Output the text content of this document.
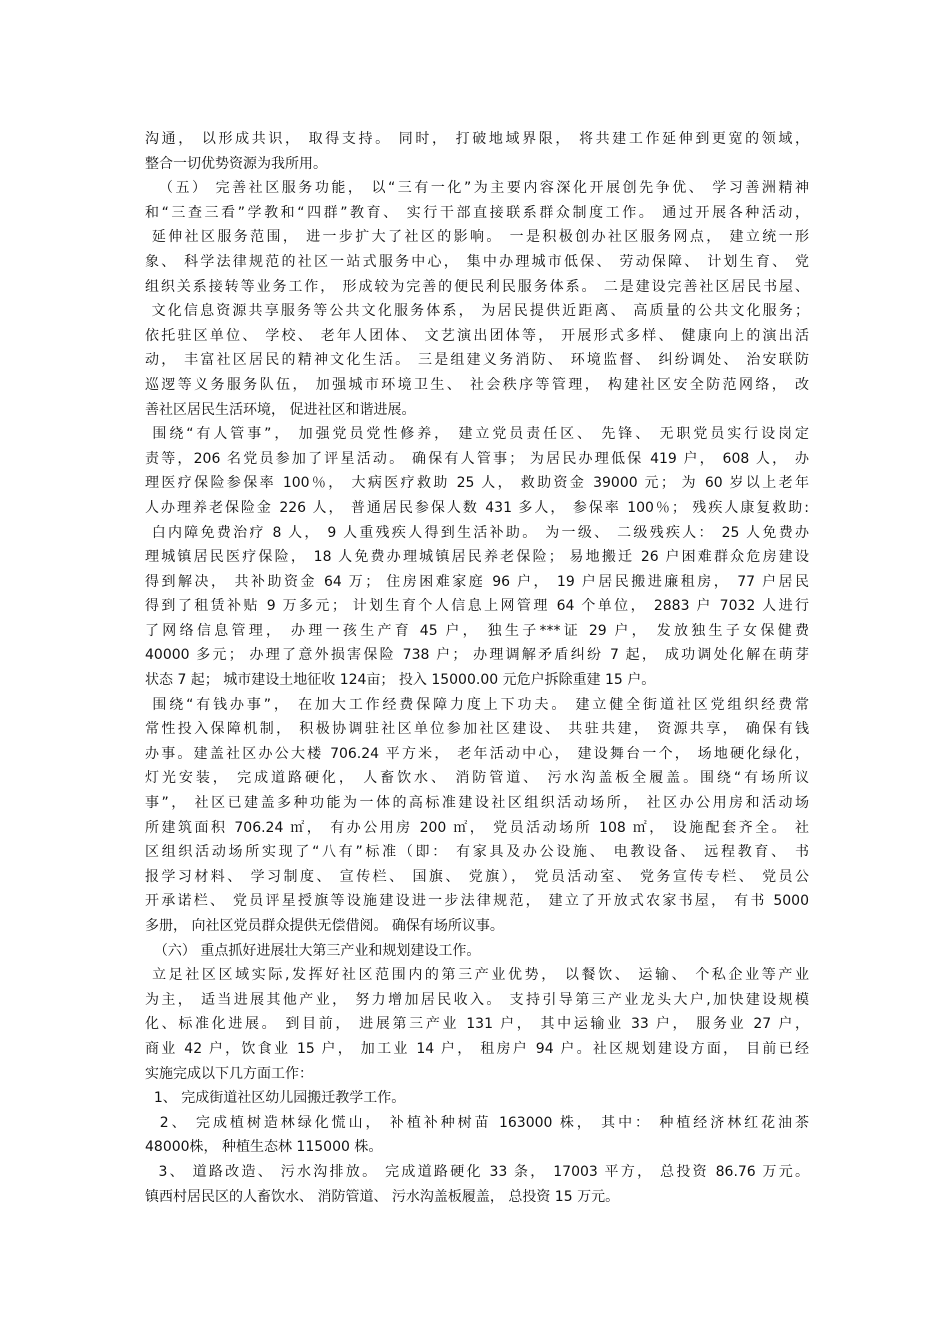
沟通， 以形成共识， 取得支持。 同时， 打破地域界限， 将共建工作延伸到更宽的领域，
整合一切优势资源为我所用。
（五） 完善社区服务功能， 以“三有一化”为主要内容深化开展创先争优、 学习善洲精神
和“三查三看”学教和“四群”教育、 实行干部直接联系群众制度工作。 通过开展各种活动，
延伸社区服务范围， 进一步扩大了社区的影响。 一是积极创办社区服务网点， 建立统一形
象、 科学法律规范的社区一站式服务中心， 集中办理城市低保、 劳动保障、 计划生育、 党
组织关系接转等业务工作， 形成较为完善的便民利民服务体系。 二是建设完善社区居民书屋、
文化信息资源共享服务等公共文化服务体系， 为居民提供近距离、 高质量的公共文化服务；
依托驻区单位、 学校、 老年人团体、 文艺演出团体等， 开展形式多样、 健康向上的演出活
动， 丰富社区居民的精神文化生活。 三是组建义务消防、 环境监督、 纠纷调处、 治安联防
巡逻等义务服务队伍， 加强城市环境卫生、 社会秩序等管理， 构建社区安全防范网络， 改
善社区居民生活环境， 促进社区和谐进展。
围绕“有人管事”， 加强党员党性修养， 建立党员责任区、 先锋、 无职党员实行设岗定
责等，206 名党员参加了评星活动。 确保有人管事； 为居民办理低保 419 户， 608 人， 办
理医疗保险参保率 100％， 大病医疗救助 25 人， 救助资金 39000 元； 为 60 岁以上老年
人办理养老保险金 226 人， 普通居民参保人数 431 多人， 参保率 100％； 残疾人康复救助:
白内障免费治疗 8 人， 9 人重残疾人得到生活补助。 为一级、 二级残疾人： 25 人免费办
理城镇居民医疗保险， 18 人免费办理城镇居民养老保险； 易地搬迁 26 户困难群众危房建设
得到解决， 共补助资金 64 万； 住房困难家庭 96 户， 19 户居民搬进廉租房， 77 户居民
得到了租赁补贴 9 万多元； 计划生育个人信息上网管理 64 个单位， 2883 户 7032 人进行
了网络信息管理， 办理一孩生产育 45 户， 独生子***证 29 户， 发放独生子女保健费
40000 多元； 办理了意外损害保险 738 户； 办理调解矛盾纠纷 7 起， 成功调处化解在萌芽
状态 7 起； 城市建设土地征收 124亩； 投入 15000.00 元危户拆除重建 15 户。
围绕“有钱办事”， 在加大工作经费保障力度上下功夫。 建立健全街道社区党组织经费常
常性投入保障机制， 积极协调驻社区单位参加社区建设、 共驻共建， 资源共享， 确保有钱
办事。建盖社区办公大楼 706.24 平方米， 老年活动中心， 建设舞台一个， 场地硬化绿化，
灯光安装， 完成道路硬化， 人畜饮水、 消防管道、 污水沟盖板全履盖。围绕“有场所议
事”， 社区已建盖多种功能为一体的高标准建设社区组织活动场所， 社区办公用房和活动场
所建筑面积 706.24 ㎡， 有办公用房 200 ㎡， 党员活动场所 108 ㎡， 设施配套齐全。 社
区组织活动场所实现了“八有”标准（即： 有家具及办公设施、 电教设备、 远程教育、 书
报学习材料、 学习制度、 宣传栏、 国旗、 党旗）， 党员活动室、 党务宣传专栏、 党员公
开承诺栏、 党员评星授旗等设施建设进一步法律规范， 建立了开放式农家书屋， 有书 5000
多册， 向社区党员群众提供无偿借阅。 确保有场所议事。
（六） 重点抓好进展壮大第三产业和规划建设工作。
立足社区区域实际,发挥好社区范围内的第三产业优势， 以餐饮、 运输、 个私企业等产业
为主， 适当进展其他产业， 努力增加居民收入。 支持引导第三产业龙头大户,加快建设规模
化、标准化进展。 到目前， 进展第三产业 131 户， 其中运输业 33 户， 服务业 27 户，
商业 42 户，饮食业 15 户， 加工业 14 户， 租房户 94 户。社区规划建设方面， 目前已经
实施完成以下几方面工作：
1、 完成街道社区幼儿园搬迁教学工作。
2、 完成植树造林绿化慌山， 补植补种树苗 163000 株， 其中： 种植经济林红花油茶
48000株， 种植生态林 115000 株。
3、 道路改造、 污水沟排放。 完成道路硬化 33 条， 17003 平方， 总投资 86.76 万元。
镇西村居民区的人畜饮水、 消防管道、 污水沟盖板履盖， 总投资 15 万元。
